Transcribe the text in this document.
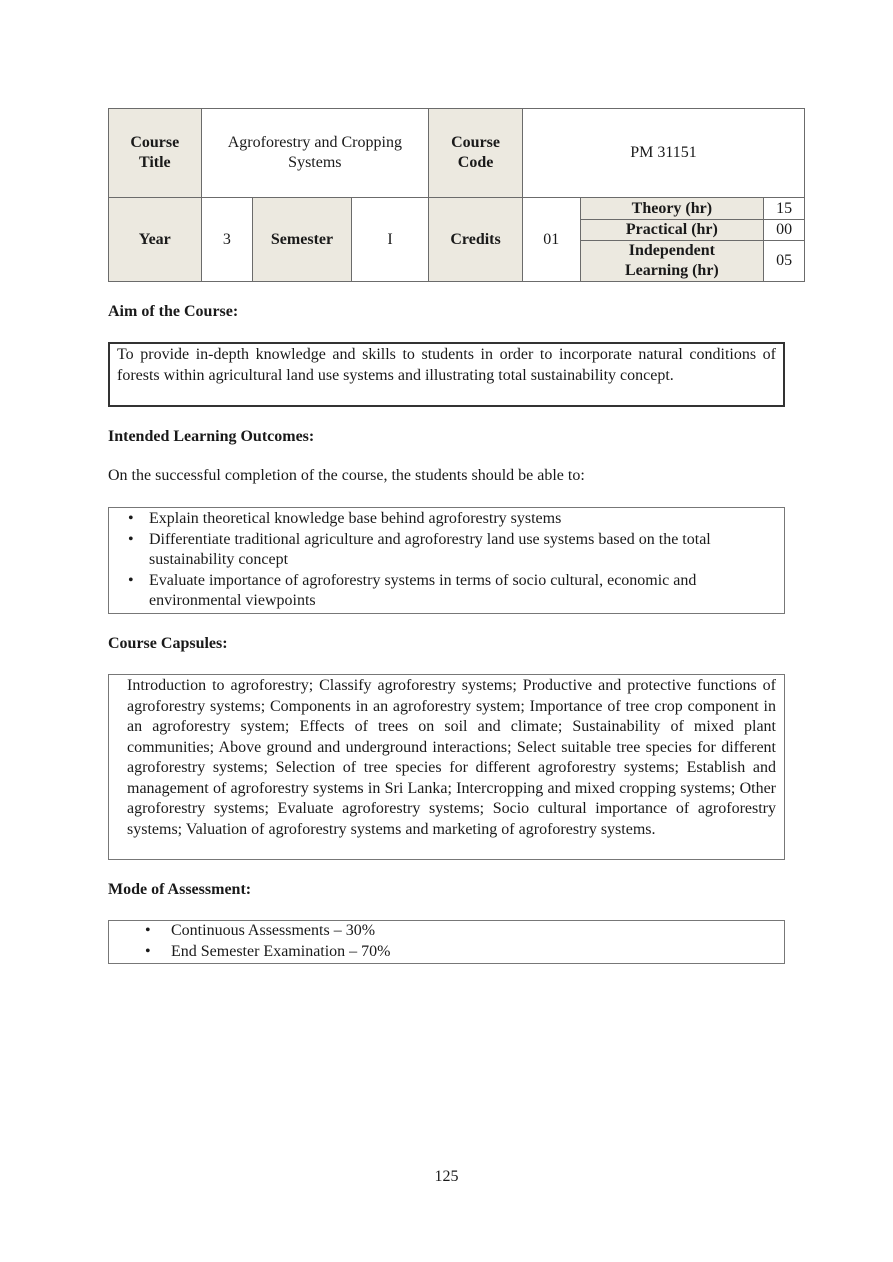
Course Title	Agroforestry and Cropping Systems			Course Code	PM 31151		
Year	3	Semester	I	Credits	01	Theory (hr)	15
						Practical (hr)	00
						Independent Learning (hr)	05
Aim of the Course:
To provide in-depth knowledge and skills to students in order to incorporate natural conditions of forests within agricultural land use systems and illustrating total sustainability concept.
Intended Learning Outcomes:
On the successful completion of the course, the students should be able to:
• Explain theoretical knowledge base behind agroforestry systems
• Differentiate traditional agriculture and agroforestry land use systems based on the total sustainability concept
• Evaluate importance of agroforestry systems in terms of socio cultural, economic and environmental viewpoints
Course Capsules:
Introduction to agroforestry; Classify agroforestry systems; Productive and protective functions of agroforestry systems; Components in an agroforestry system; Importance of tree crop component in an agroforestry system; Effects of trees on soil and climate; Sustainability of mixed plant communities; Above ground and underground interactions; Select suitable tree species for different agroforestry systems; Selection of tree species for different agroforestry systems; Establish and management of agroforestry systems in Sri Lanka; Intercropping and mixed cropping systems; Other agroforestry systems; Evaluate agroforestry systems; Socio cultural importance of agroforestry systems; Valuation of agroforestry systems and marketing of agroforestry systems.
Mode of Assessment:
• Continuous Assessments – 30%
• End Semester Examination – 70%
125
